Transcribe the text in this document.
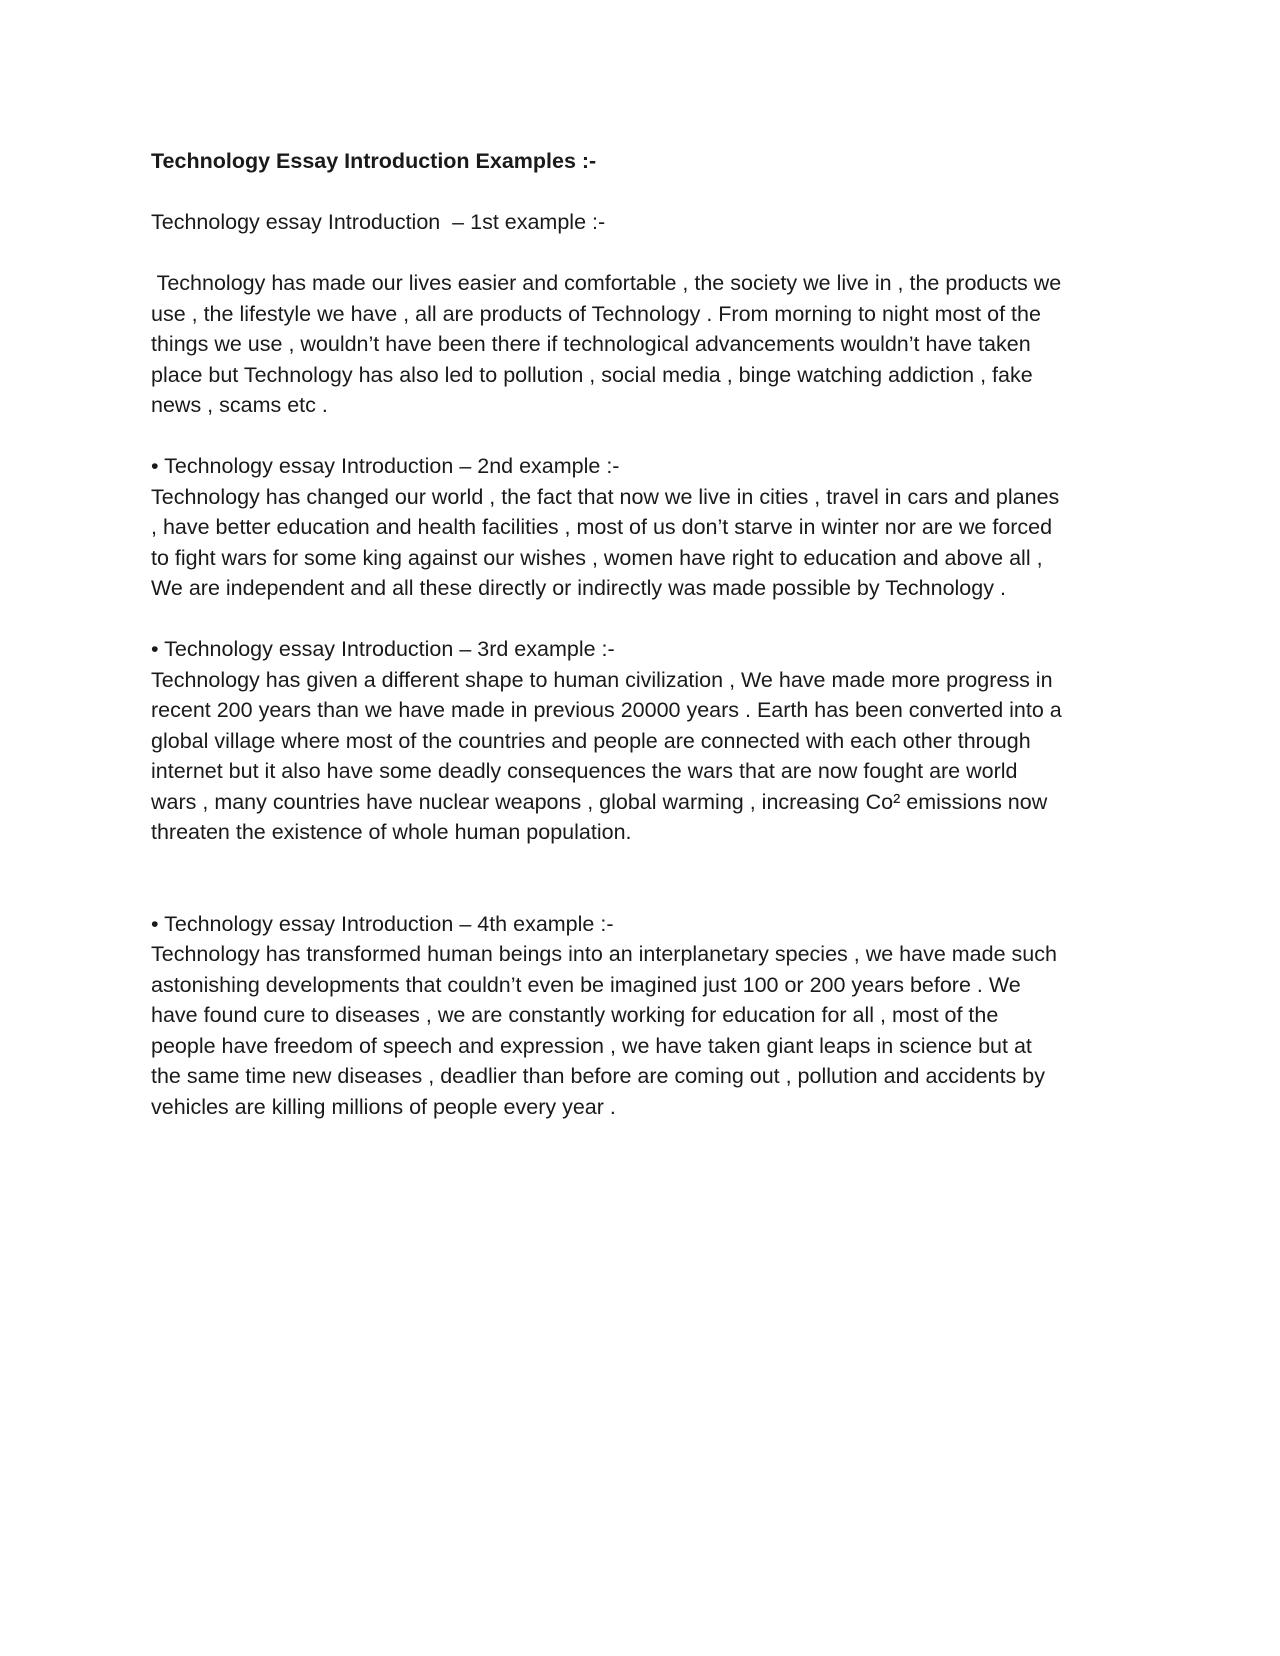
Technology Essay Introduction Examples :-
Technology essay Introduction  – 1st example :-
Technology has made our lives easier and comfortable , the society we live in , the products we
use , the lifestyle we have , all are products of Technology . From morning to night most of the
things we use , wouldn’t have been there if technological advancements wouldn’t have taken
place but Technology has also led to pollution , social media , binge watching addiction , fake
news , scams etc .
• Technology essay Introduction – 2nd example :-
Technology has changed our world , the fact that now we live in cities , travel in cars and planes
, have better education and health facilities , most of us don’t starve in winter nor are we forced
to fight wars for some king against our wishes , women have right to education and above all ,
We are independent and all these directly or indirectly was made possible by Technology .
• Technology essay Introduction – 3rd example :-
Technology has given a different shape to human civilization , We have made more progress in
recent 200 years than we have made in previous 20000 years . Earth has been converted into a
global village where most of the countries and people are connected with each other through
internet but it also have some deadly consequences the wars that are now fought are world
wars , many countries have nuclear weapons , global warming , increasing Co² emissions now
threaten the existence of whole human population.
• Technology essay Introduction – 4th example :-
Technology has transformed human beings into an interplanetary species , we have made such
astonishing developments that couldn’t even be imagined just 100 or 200 years before . We
have found cure to diseases , we are constantly working for education for all , most of the
people have freedom of speech and expression , we have taken giant leaps in science but at
the same time new diseases , deadlier than before are coming out , pollution and accidents by
vehicles are killing millions of people every year .
